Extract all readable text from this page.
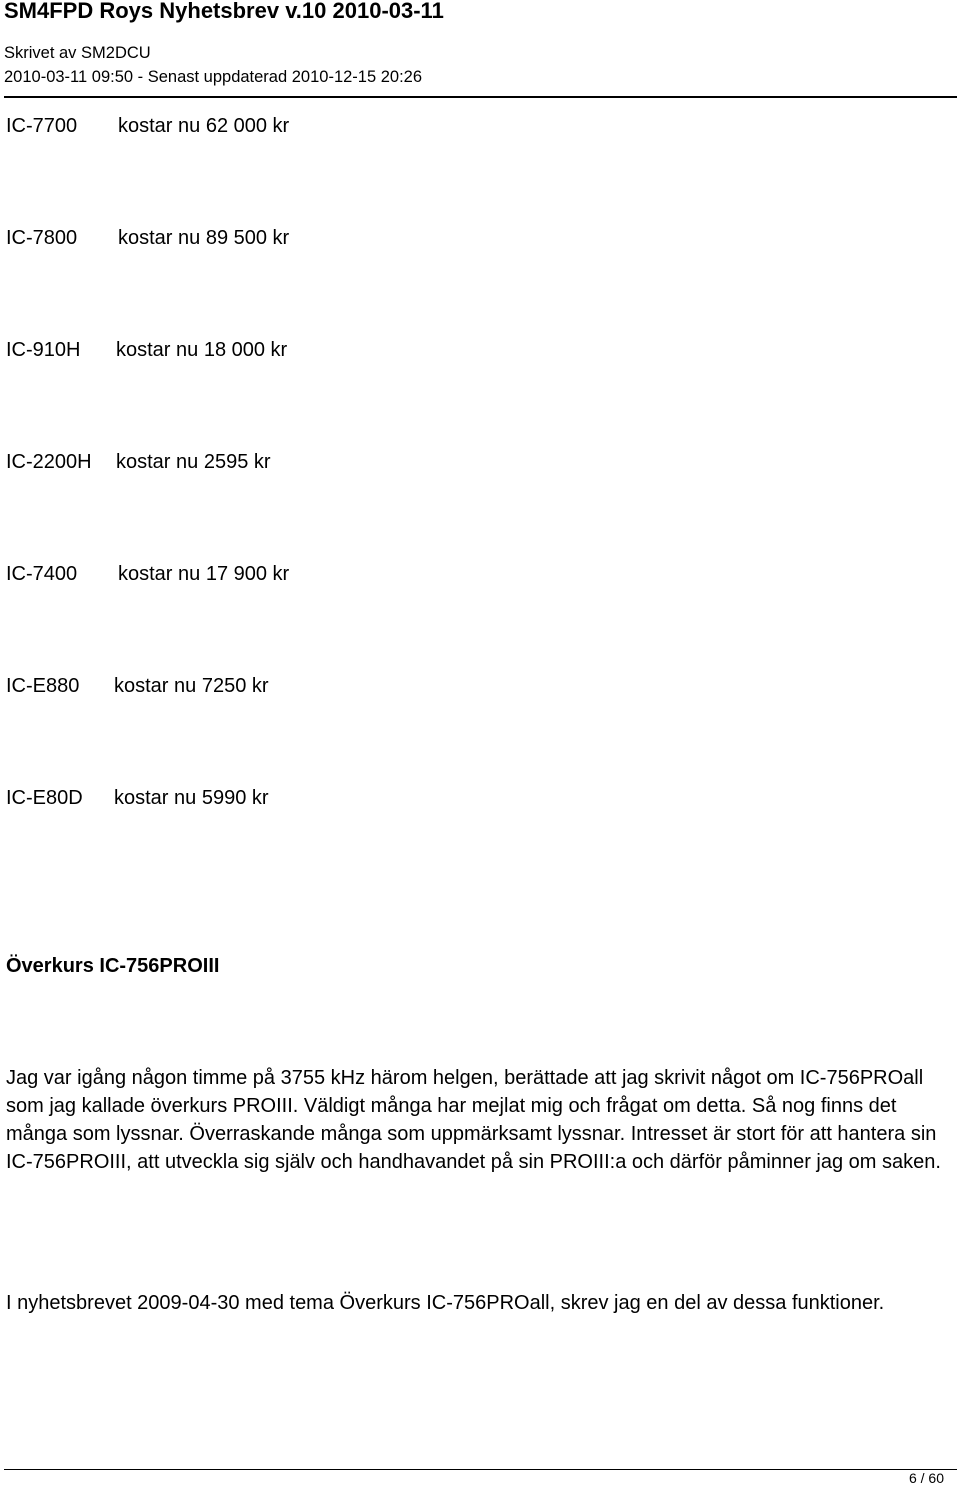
SM4FPD Roys Nyhetsbrev v.10 2010-03-11
Skrivet av SM2DCU
2010-03-11 09:50 - Senast uppdaterad 2010-12-15 20:26
IC-7700 kostar nu 62 000 kr
IC-7800 kostar nu 89 500 kr
IC-910H kostar nu 18 000 kr
IC-2200H kostar nu 2595 kr
IC-7400 kostar nu 17 900 kr
IC-E880 kostar nu 7250 kr
IC-E80D kostar nu 5990 kr
Överkurs IC-756PROIII

Jag var igång någon timme på 3755 kHz härom helgen, berättade att jag skrivit något om IC-756PROall som jag kallade överkurs PROIII. Väldigt många har mejlat mig och frågat om detta. Så nog finns det många som lyssnar. Överraskande många som uppmärksamt lyssnar. Intresset är stort för att hantera sin IC-756PROIII, att utveckla sig själv och handhavandet på sin PROIII:a och därför påminner jag om saken.

I nyhetsbrevet 2009-04-30 med tema Överkurs IC-756PROall, skrev jag en del av dessa funktioner.

6 / 60
